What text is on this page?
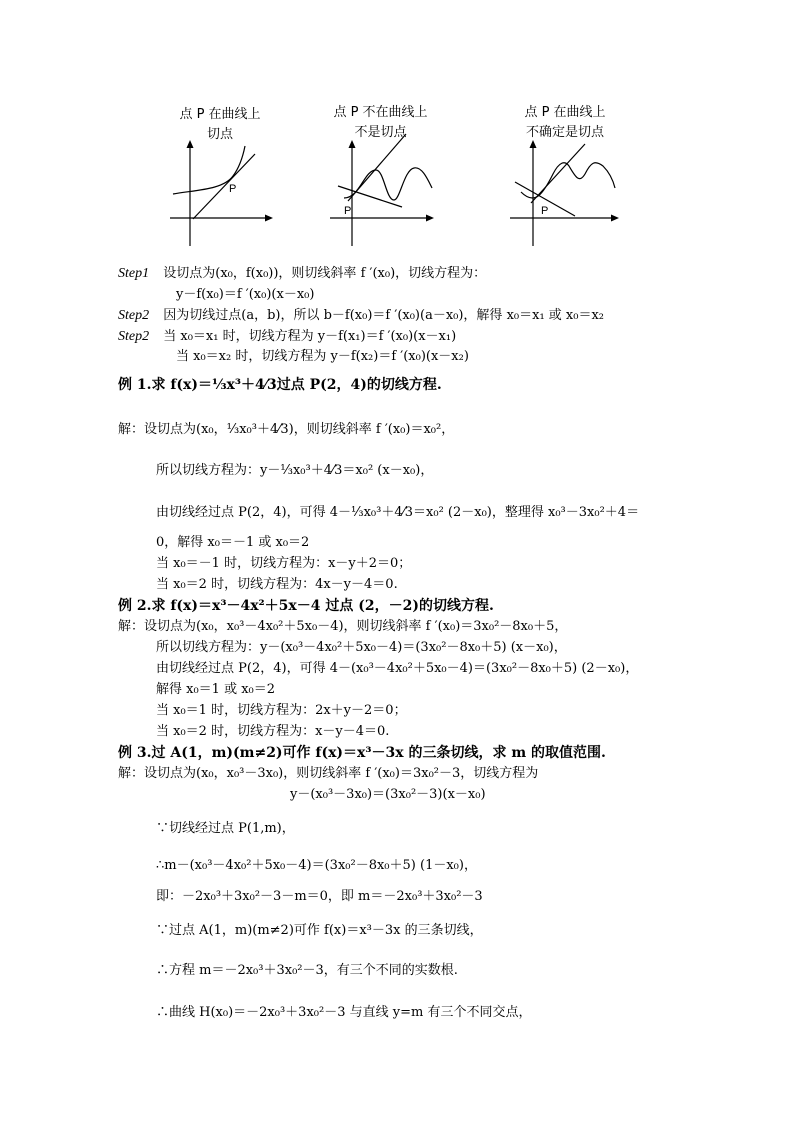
点 P 在曲线上
切点
P
点 P 不在曲线上
不是切点
P
点 P 在曲线上
不确定是切点
P
Step1 设切点为(x₀，f(x₀))，则切线斜率 f ′(x₀)，切线方程为：
y－f(x₀)＝f ′(x₀)(x－x₀)
Step2 因为切线过点(a，b)，所以 b－f(x₀)＝f ′(x₀)(a－x₀)，解得 x₀＝x₁ 或 x₀＝x₂
Step2 当 x₀＝x₁ 时，切线方程为 y－f(x₁)＝f ′(x₀)(x－x₁)
当 x₀＝x₂ 时，切线方程为 y－f(x₂)＝f ′(x₀)(x－x₂)
例 1.求 f(x)＝⅓x³＋4⁄3过点 P(2，4)的切线方程.
解：设切点为(x₀，⅓x₀³＋4⁄3)，则切线斜率 f ′(x₀)＝x₀²，
所以切线方程为：y－⅓x₀³＋4⁄3＝x₀² (x－x₀)，
由切线经过点 P(2，4)，可得 4－⅓x₀³＋4⁄3＝x₀² (2－x₀)，整理得 x₀³－3x₀²＋4＝
0，解得 x₀＝－1 或 x₀＝2
当 x₀＝－1 时，切线方程为：x－y＋2＝0；
当 x₀＝2 时，切线方程为：4x－y－4＝0.
例 2.求 f(x)＝x³－4x²＋5x－4 过点 (2，－2)的切线方程.
解：设切点为(x₀，x₀³－4x₀²＋5x₀－4)，则切线斜率 f ′(x₀)＝3x₀²－8x₀＋5，
所以切线方程为：y－(x₀³－4x₀²＋5x₀－4)＝(3x₀²－8x₀＋5) (x－x₀)，
由切线经过点 P(2，4)，可得 4－(x₀³－4x₀²＋5x₀－4)＝(3x₀²－8x₀＋5) (2－x₀)，
解得 x₀＝1 或 x₀＝2
当 x₀＝1 时，切线方程为：2x＋y－2＝0；
当 x₀＝2 时，切线方程为：x－y－4＝0.
例 3.过 A(1，m)(m≠2)可作 f(x)＝x³－3x 的三条切线，求 m 的取值范围.
解：设切点为(x₀，x₀³－3x₀)，则切线斜率 f ′(x₀)＝3x₀²－3，切线方程为
y－(x₀³－3x₀)＝(3x₀²－3)(x－x₀)
∵切线经过点 P(1,m)，
∴m－(x₀³－4x₀²＋5x₀－4)＝(3x₀²－8x₀＋5) (1－x₀)，
即：－2x₀³＋3x₀²－3－m＝0，即 m＝－2x₀³＋3x₀²－3
∵过点 A(1，m)(m≠2)可作 f(x)＝x³－3x 的三条切线，
∴方程 m＝－2x₀³＋3x₀²－3，有三个不同的实数根.
∴曲线 H(x₀)＝－2x₀³＋3x₀²－3 与直线 y=m 有三个不同交点，
